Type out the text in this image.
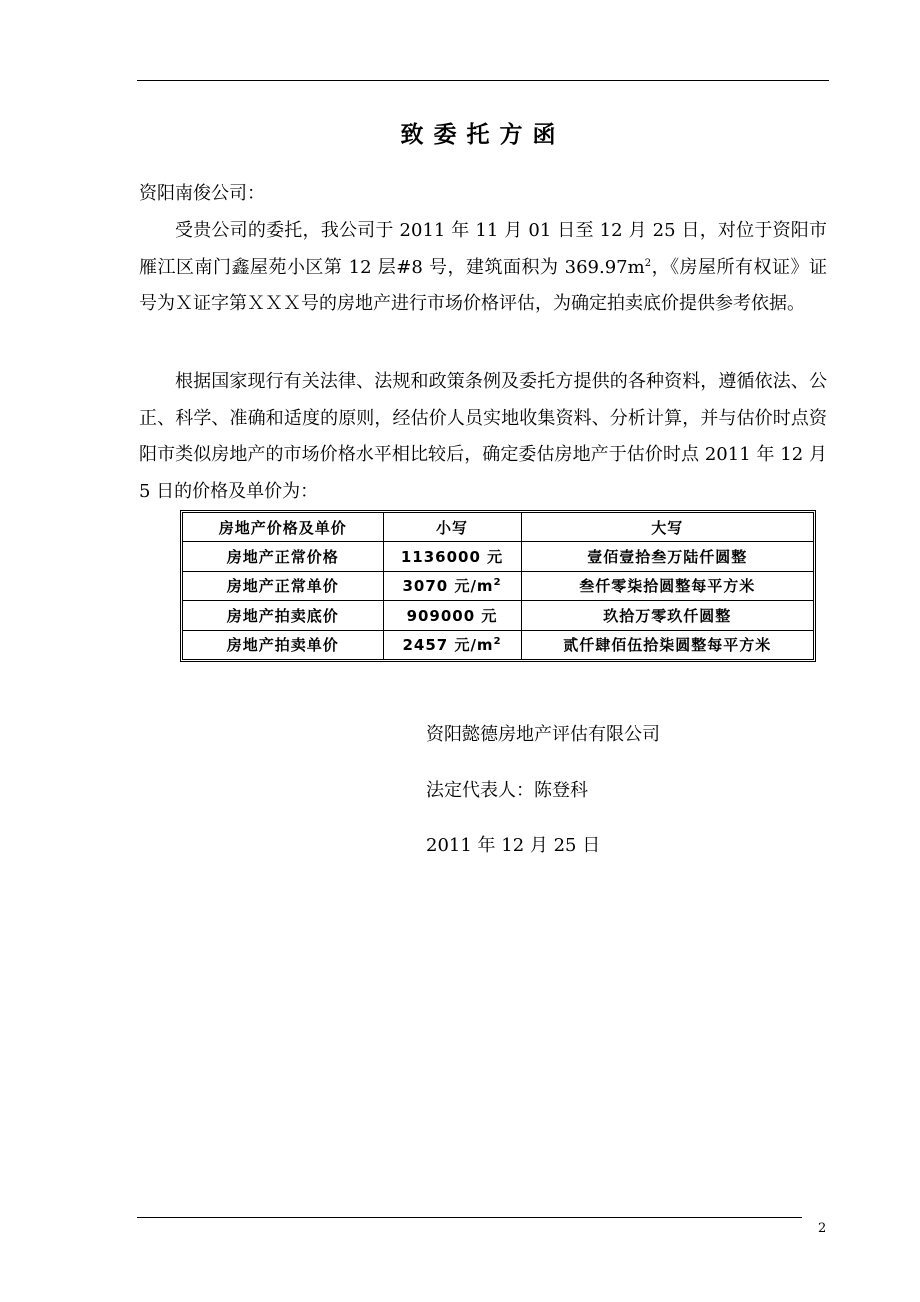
致委托方函
资阳南俊公司：

受贵公司的委托，我公司于 2011 年 11 月 01 日至 12 月 25 日，对位于资阳市雁江区南门鑫屋苑小区第 12 层#8 号，建筑面积为 $369.97m^2$，《房屋所有权证》证号为Ｘ证字第ＸＸＸ号的房地产进行市场价格评估，为确定拍卖底价提供参考依据。

根据国家现行有关法律、法规和政策条例及委托方提供的各种资料，遵循依法、公正、科学、准确和适度的原则，经估价人员实地收集资料、分析计算，并与估价时点资阳市类似房地产的市场价格水平相比较后，确定委估房地产于估价时点 2011 年 12 月 5 日的价格及单价为：

房地产价格及单价	小写	大写
房地产正常价格	1136000 元	壹佰壹拾叁万陆仟圆整
房地产正常单价	3070 元$/m^2$	叁仟零柒拾圆整每平方米
房地产拍卖底价	909000 元	玖拾万零玖仟圆整
房地产拍卖单价	2457 元$/m^2$	贰仟肆佰伍拾柒圆整每平方米
资阳懿德房地产评估有限公司
法定代表人：陈登科
2011 年 12 月 25 日
2
